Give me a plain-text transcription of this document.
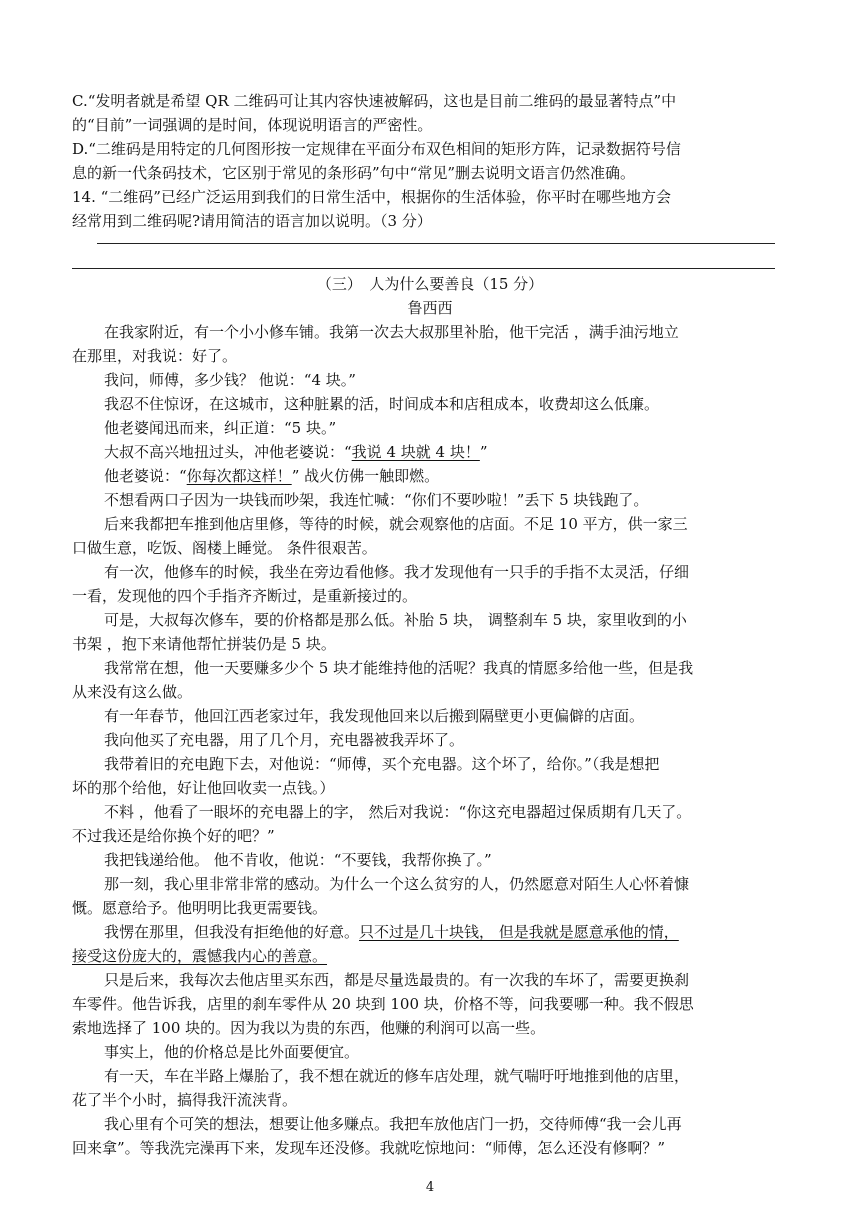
C.“发明者就是希望 QR 二维码可让其内容快速被解码，这也是目前二维码的最显著特点”中
的“目前”一词强调的是时间，体现说明语言的严密性。
D.“二维码是用特定的几何图形按一定规律在平面分布双色相间的矩形方阵，记录数据符号信
息的新一代条码技术，它区别于常见的条形码”句中“常见”删去说明文语言仍然准确。
14. “二维码”已经广泛运用到我们的日常生活中，根据你的生活体验，你平时在哪些地方会
经常用到二维码呢?请用简洁的语言加以说明。（3 分）
（三）　人为什么要善良（15 分）
鲁西西
在我家附近，有一个小小修车铺。我第一次去大叔那里补胎，他干完活 ，满手油污地立
在那里，对我说：好了。
我问，师傅，多少钱？ 他说：“4 块。”
我忍不住惊讶，在这城市，这种脏累的活，时间成本和店租成本，收费却这么低廉。
他老婆闻迅而来，纠正道：“5 块。”
大叔不高兴地扭过头，冲他老婆说：“我说 4 块就 4 块！”
他老婆说：“你每次都这样！” 战火仿佛一触即燃。
不想看两口子因为一块钱而吵架，我连忙喊：“你们不要吵啦！”丢下 5 块钱跑了。
后来我都把车推到他店里修，等待的时候，就会观察他的店面。不足 10 平方，供一家三
口做生意，吃饭、阁楼上睡觉。 条件很艰苦。
有一次，他修车的时候，我坐在旁边看他修。我才发现他有一只手的手指不太灵活，仔细
一看，发现他的四个手指齐齐断过，是重新接过的。
可是，大叔每次修车，要的价格都是那么低。补胎 5 块， 调整刹车 5 块，家里收到的小
书架 ，抱下来请他帮忙拼装仍是 5 块。
我常常在想，他一天要赚多少个 5 块才能维持他的活呢？我真的情愿多给他一些，但是我
从来没有这么做。
有一年春节，他回江西老家过年，我发现他回来以后搬到隔壁更小更偏僻的店面。
我向他买了充电器，用了几个月，充电器被我弄坏了。
我带着旧的充电跑下去，对他说：“师傅，买个充电器。这个坏了，给你。”（我是想把
坏的那个给他，好让他回收卖一点钱。）
不料 ，他看了一眼坏的充电器上的字， 然后对我说：“你这充电器超过保质期有几天了。
不过我还是给你换个好的吧？”
我把钱递给他。 他不肯收，他说：“不要钱，我帮你换了。”
那一刻，我心里非常非常的感动。为什么一个这么贫穷的人，仍然愿意对陌生人心怀着慷
慨。愿意给予。他明明比我更需要钱。
我愣在那里，但我没有拒绝他的好意。只不过是几十块钱， 但是我就是愿意承他的情，
接受这份庞大的，震憾我内心的善意。
只是后来，我每次去他店里买东西，都是尽量选最贵的。有一次我的车坏了，需要更换刹
车零件。他告诉我，店里的刹车零件从 20 块到 100 块，价格不等，问我要哪一种。我不假思
索地选择了 100 块的。因为我以为贵的东西，他赚的利润可以高一些。
事实上，他的价格总是比外面要便宜。
有一天，车在半路上爆胎了，我不想在就近的修车店处理，就气喘吁吁地推到他的店里，
花了半个小时，搞得我汗流浃背。
我心里有个可笑的想法，想要让他多赚点。我把车放他店门一扔，交待师傅“我一会儿再
回来拿”。等我洗完澡再下来，发现车还没修。我就吃惊地问：“师傅，怎么还没有修啊？”
4
